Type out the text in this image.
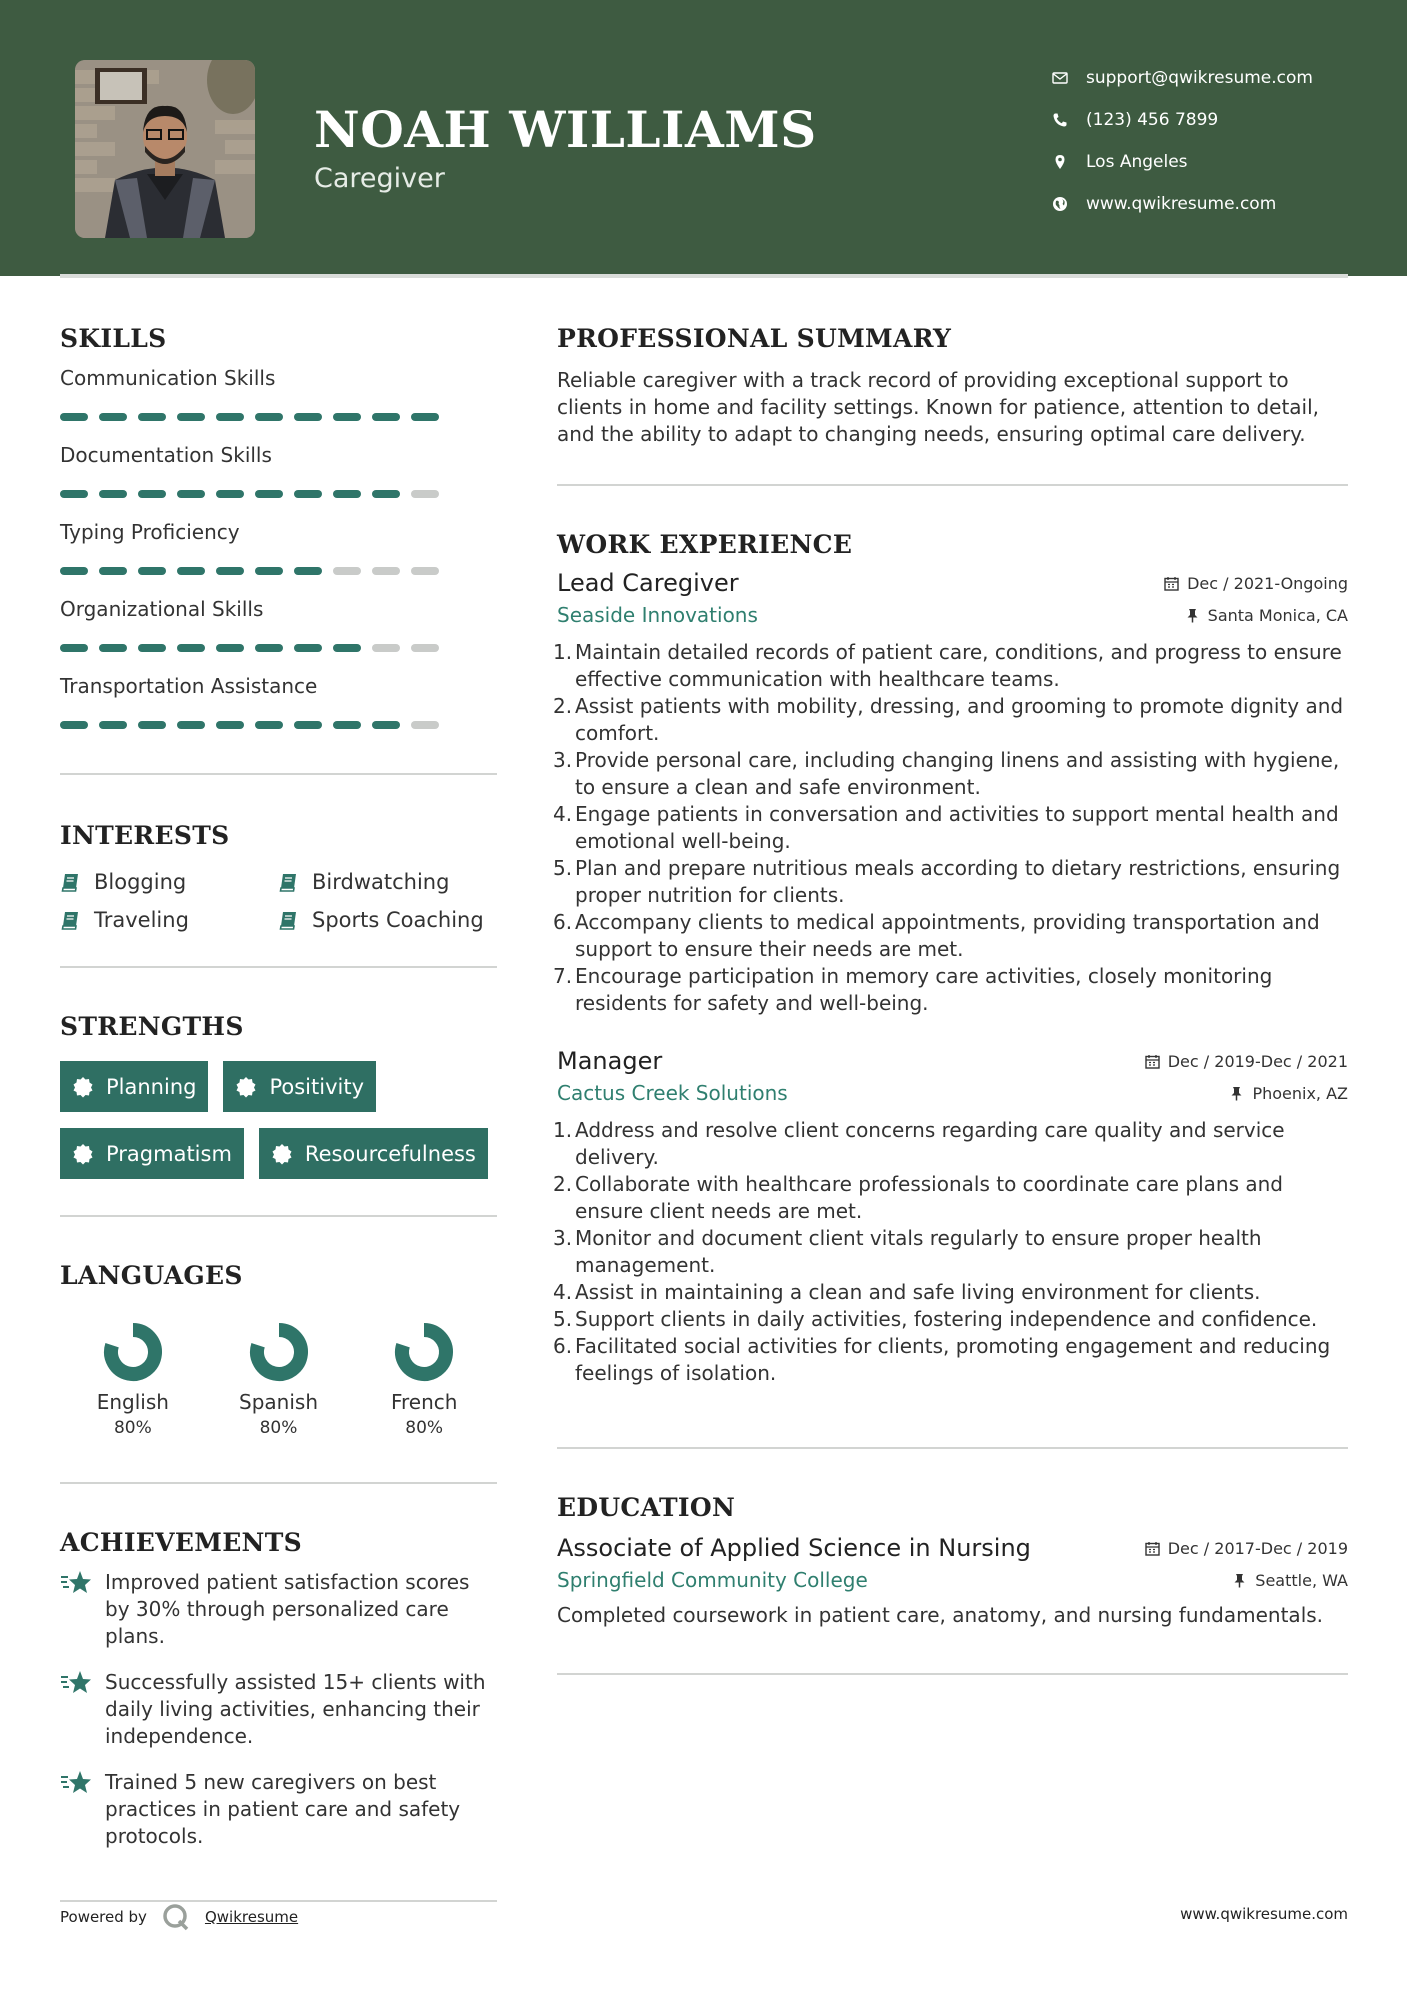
NOAH WILLIAMS
Caregiver
support@qwikresume.com
(123) 456 7899
Los Angeles
www.qwikresume.com
SKILLS
Communication Skills
Documentation Skills
Typing Proficiency
Organizational Skills
Transportation Assistance
INTERESTS
Blogging	Birdwatching
Traveling	Sports Coaching
STRENGTHS
Planning	Positivity
Pragmatism	Resourcefulness
LANGUAGES
English
80%
Spanish
80%
French
80%
ACHIEVEMENTS
Improved patient satisfaction scores by 30% through personalized care plans.
Successfully assisted 15+ clients with daily living activities, enhancing their independence.
Trained 5 new caregivers on best practices in patient care and safety protocols.
PROFESSIONAL SUMMARY
Reliable caregiver with a track record of providing exceptional support to clients in home and facility settings. Known for patience, attention to detail, and the ability to adapt to changing needs, ensuring optimal care delivery.
WORK EXPERIENCE
Lead Caregiver	Dec / 2021-Ongoing
Seaside Innovations	Santa Monica, CA
1. Maintain detailed records of patient care, conditions, and progress to ensure effective communication with healthcare teams.
2. Assist patients with mobility, dressing, and grooming to promote dignity and comfort.
3. Provide personal care, including changing linens and assisting with hygiene, to ensure a clean and safe environment.
4. Engage patients in conversation and activities to support mental health and emotional well-being.
5. Plan and prepare nutritious meals according to dietary restrictions, ensuring proper nutrition for clients.
6. Accompany clients to medical appointments, providing transportation and support to ensure their needs are met.
7. Encourage participation in memory care activities, closely monitoring residents for safety and well-being.
Manager	Dec / 2019-Dec / 2021
Cactus Creek Solutions	Phoenix, AZ
1. Address and resolve client concerns regarding care quality and service delivery.
2. Collaborate with healthcare professionals to coordinate care plans and ensure client needs are met.
3. Monitor and document client vitals regularly to ensure proper health management.
4. Assist in maintaining a clean and safe living environment for clients.
5. Support clients in daily activities, fostering independence and confidence.
6. Facilitated social activities for clients, promoting engagement and reducing feelings of isolation.
EDUCATION
Associate of Applied Science in Nursing	Dec / 2017-Dec / 2019
Springfield Community College	Seattle, WA
Completed coursework in patient care, anatomy, and nursing fundamentals.
Powered by	Qwikresume	www.qwikresume.com
